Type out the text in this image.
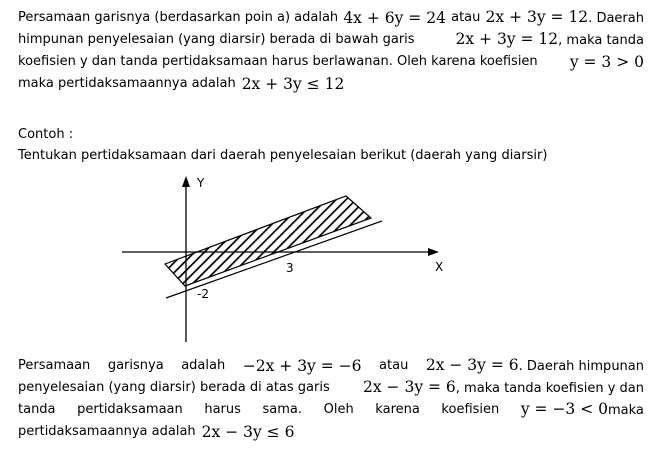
Persamaan garisnya (berdasarkan poin a) adalah 4x + 6y = 24 atau 2x + 3y = 12. Daerah
himpunan penyelesaian (yang diarsir) berada di bawah garis	2x + 3y = 12, maka tanda
koefisien y dan tanda pertidaksamaan harus berlawanan. Oleh karena koefisien y = 3 > 0
maka pertidaksamaannya adalah 2x + 3y ≤ 12
Contoh :
Tentukan pertidaksamaan dari daerah penyelesaian berikut (daerah yang diarsir)
Y
X
3
-2
Persamaan garisnya adalah −2x + 3y = −6 atau 2x − 3y = 6. Daerah himpunan
penyelesaian (yang diarsir) berada di atas garis 2x − 3y = 6, maka tanda koefisien y dan
tanda pertidaksamaan harus sama. Oleh karena koefisien y = −3 < 0maka
pertidaksamaannya adalah 2x − 3y ≤ 6
